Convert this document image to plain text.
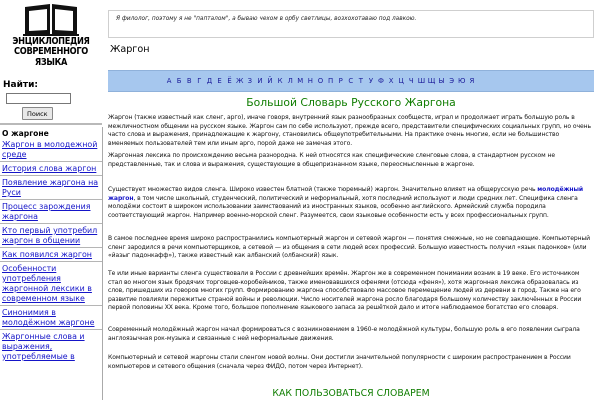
ЭНЦИКЛОПЕДИЯ
СОВРЕМЕННОГО
ЯЗЫКА
Найти:
Поиск
О жаргоне
Жаргон в молодежной среде
История слова жаргон
Появление жаргона на Руси
Процесс зарождения жаргона
Кто первый употребил жаргон в общении
Как появился жаргон
Особенности употребления жаргонной лексики в современном языке
Синонимия в молодёжном жаргоне
Жаргонные слова и выражения, употребляемые в
Я филолог, поэтому я не "папталом", а бываю чехом в орбу светлицы, возхохотаваю под лавкою.
Жаргон
А Б В Г Д Е Ё Ж З И Й К Л М Н О П Р С Т У Ф Х Ц Ч Ш Щ Ы Э Ю Я
Большой Словарь Русского Жаргона

Жаргон (также известный как сленг, арго), иначе говоря, внутренний язык разнообразных сообществ, играл и продолжает играть большую роль в межличностном общении на русском языке. Жаргон сам по себе используют, прежде всего, представители специфических социальных групп, но очень часто слова и выражения, принадлежащие к жаргону, становились общеупотребительными. На практике очень многие, если не большинство вменяемых пользователей тем или иным арго, порой даже не замечая этого.

Жаргонная лексика по происхождению весьма разнородна. К ней относятся как специфические сленговые слова, в стандартном русском не представленные, так и слова и выражения, существующие в общепризнанном языке, переосмысленные в жаргоне.

Существует множество видов сленга. Широко известен блатной (также тюремный) жаргон. Значительно влияет на общерусскую речь молодёжный жаргон, в том числе школьный, студенческий, политический и неформальный, хотя последний используют и люди средних лет. Специфика сленга молодёжи состоит в широком использовании заимствований из иностранных языков, особенно английского. Армейский служба породила соответствующий жаргон. Например военно-морской сленг. Разумеется, свои языковые особенности есть у всех профессиональных групп.

В самое последнее время широко распространились компьютерный жаргон и сетевой жаргон — понятия смежные, но не совпадающие. Компьютерный сленг зародился в речи компьютерщиков, а сетевой — из общения в сети людей всех профессий. Большую известность получил «язык падонков» (или «йазыг падонкафф»), также известный как албанский (олбанский) язык.

Те или иные варианты сленга существовали в России с древнейших времён. Жаргон же в современном понимании возник в 19 веке. Его источником стал во многом язык бродячих торговцев-коробейников, также именовавшихся офенями (отсюда «феня»), хотя жаргонная лексика образовалась из слов, пришедших из говоров многих групп. Формированию жаргона способствовало массовое перемещение людей из деревни в город. Также на его развитие повлияли пережитые страной войны и революции. Число носителей жаргона росло благодаря большому количеству заключённых в России первой половины XX века. Кроме того, большое пополнение языкового запаса за решёткой дало и итоге наблюдаемое богатство его словаря.

Современный молодёжный жаргон начал формироваться с возникновением в 1960-е молодёжной культуры, большую роль в его появлении сыграла англоязычная рок-музыка и связанные с ней неформальные движения.

Компьютерный и сетевой жаргоны стали сленгом новой волны. Они достигли значительной популярности с широким распространением в России компьютеров и сетевого общения (сначала через ФИДО, потом через Интернет).

КАК ПОЛЬЗОВАТЬСЯ СЛОВАРЕМ
